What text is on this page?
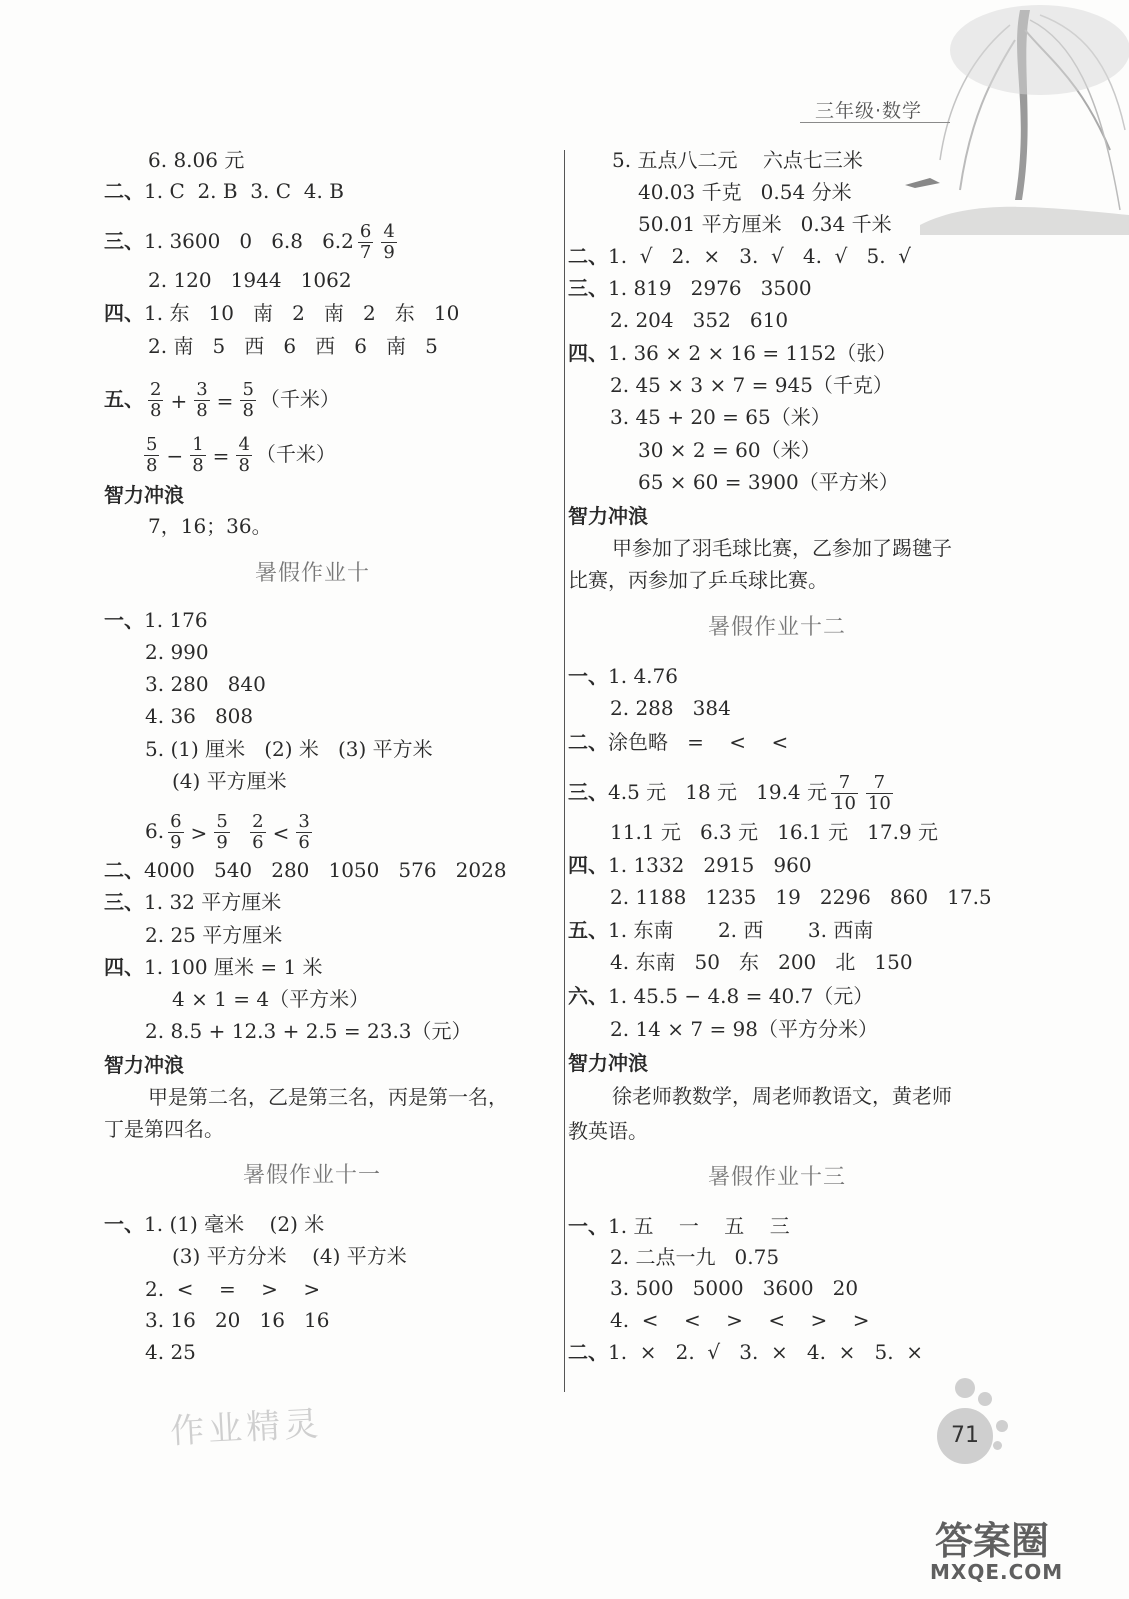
三年级·数学
6. 8.06 元
二、1. C  2. B  3. C  4. B
三、1. 3600   0   6.8   $6.2 \frac{6}{7} \frac{4}{9}$
2. 120   1944   1062
四、1. 东   10   南   2   南   2   东   10
2. 南   5   西   6   西   6   南   5
五、 $\frac{2}{8} + \frac{3}{8} = \frac{5}{8}$ （千米）
$\frac{5}{8} - \frac{1}{8} = \frac{4}{8}$ （千米）
智力冲浪
7，16；36。
暑假作业十
一、1. 176
2. 990
3. 280   840
4. 36   808
5. (1) 厘米   (2) 米   (3) 平方米
(4) 平方厘米
6. $\frac{6}{9} > \frac{5}{9}$
$\frac{2}{6} < \frac{3}{6}$
二、4000   540   280   1050   576   2028
三、1. 32 平方厘米
2. 25 平方厘米
四、1. 100 厘米 = 1 米
4 × 1 = 4（平方米）
2. 8.5 + 12.3 + 2.5 = 23.3（元）
智力冲浪
甲是第二名，乙是第三名，丙是第一名，
丁是第四名。
暑假作业十一
一、1. (1) 毫米    (2) 米
(3) 平方分米    (4) 平方米
2.  <    =    >    >
3. 16   20   16   16
4. 25
5. 五点八二元    六点七三米
40.03 千克   0.54 分米
50.01 平方厘米   0.34 千米
二、1.  √   2.  ×   3.  √   4.  √   5.  √
三、1. 819   2976   3500
2. 204   352   610
四、1. 36 × 2 × 16 = 1152（张）
2. 45 × 3 × 7 = 945（千克）
3. 45 + 20 = 65（米）
30 × 2 = 60（米）
65 × 60 = 3900（平方米）
智力冲浪
甲参加了羽毛球比赛，乙参加了踢毽子
比赛，丙参加了乒乓球比赛。
暑假作业十二
一、1. 4.76
2. 288   384
二、涂色略   =    <    <
三、4.5 元   18 元   19.4 元 $\frac{7}{10} \frac{7}{10}$
11.1 元   6.3 元   16.1 元   17.9 元
四、1. 1332   2915   960
2. 1188   1235   19   2296   860   17.5
五、1. 东南       2. 西       3. 西南
4. 东南   50   东   200   北   150
六、1. 45.5 − 4.8 = 40.7（元）
2. 14 × 7 = 98（平方分米）
智力冲浪
徐老师教数学，周老师教语文，黄老师
教英语。
暑假作业十三
一、1. 五    一    五    三
2. 二点一九   0.75
3. 500   5000   3600   20
4.  <    <    >    <    >    >
二、1.  ×   2.  √   3.  ×   4.  ×   5.  ×
作业精灵	71
答案圈
MXQE.COM
